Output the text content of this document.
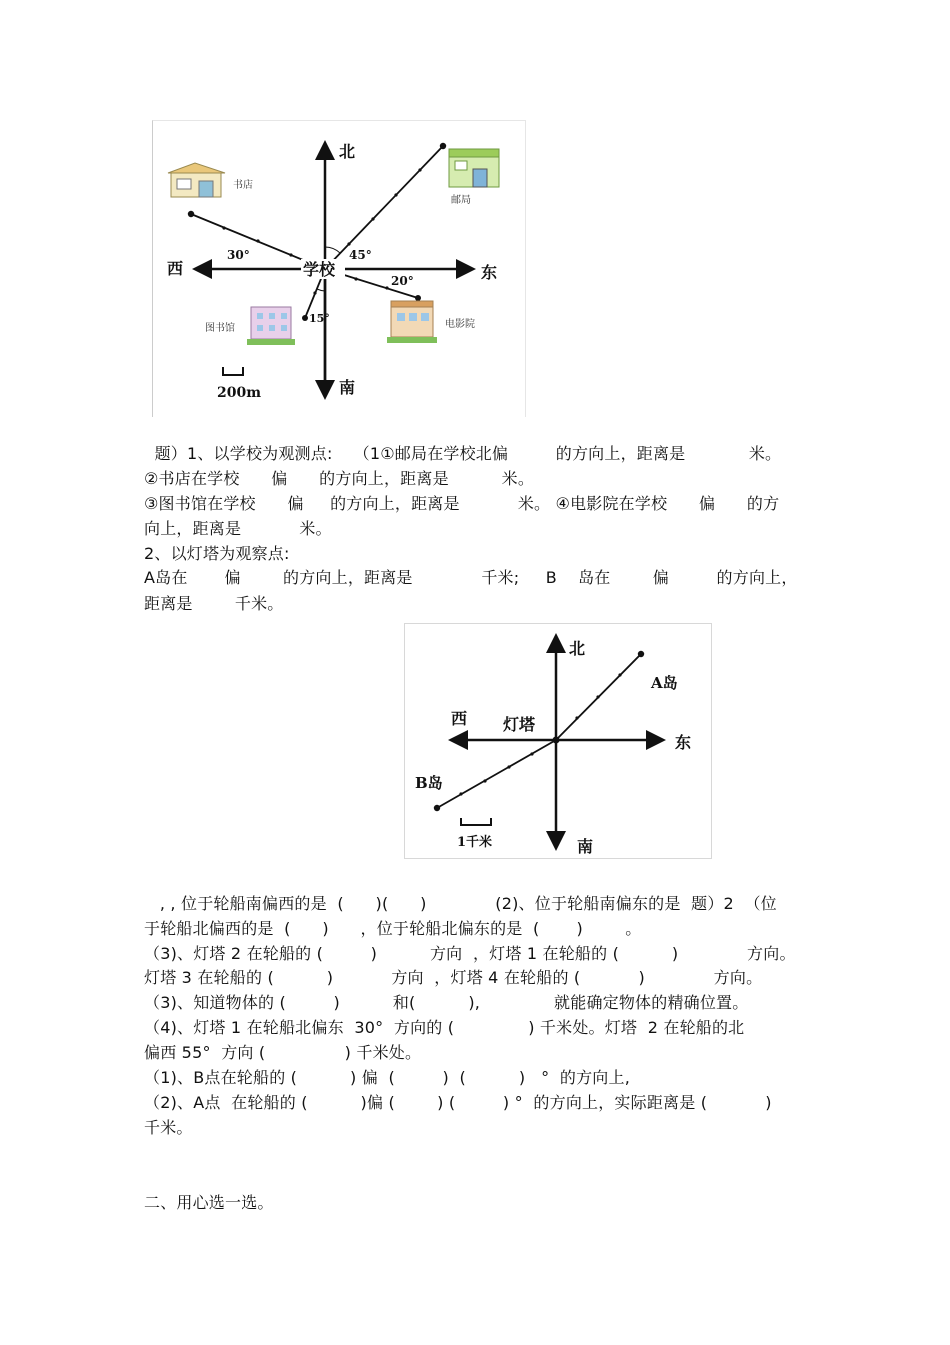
北
南
东
西	学校
30°	45°
20°
15°
书店
邮局
图书馆	电影院
200m
题）1、以学校为观测点:    （1①邮局在学校北偏         的方向上，距离是            米。
②书店在学校      偏      的方向上，距离是          米。
③图书馆在学校      偏     的方向上，距离是           米。 ④电影院在学校      偏      的方
向上，距离是           米。
2、以灯塔为观察点:
A岛在       偏        的方向上，距离是             千米;     B    岛在        偏         的方向上，
距离是        千米。
北
南
东
西 灯塔
A岛
B岛
1千米
, , 位于轮船南偏西的是  (      )(      )             (2)、位于轮船南偏东的是  题）2  （位
于轮船北偏西的是  (      )      ，位于轮船北偏东的是  (       )        。
（3)、灯塔 2 在轮船的 (         )          方向  ，灯塔 1 在轮船的 (          )             方向。
灯塔 3 在轮船的 (          )           方向  ，灯塔 4 在轮船的 (           )             方向。
（3)、知道物体的 (         )          和(          ),              就能确定物体的精确位置。
（4)、灯塔 1 在轮船北偏东  30°  方向的 (              ) 千米处。灯塔  2 在轮船的北
偏西 55°  方向 (               ) 千米处。
（1)、B点在轮船的 (          ) 偏  (         )  (          )   °  的方向上,
（2)、A点  在轮船的 (          )偏 (        ) (         ) °  的方向上，实际距离是 (           )
千米。
二、用心选一选。
